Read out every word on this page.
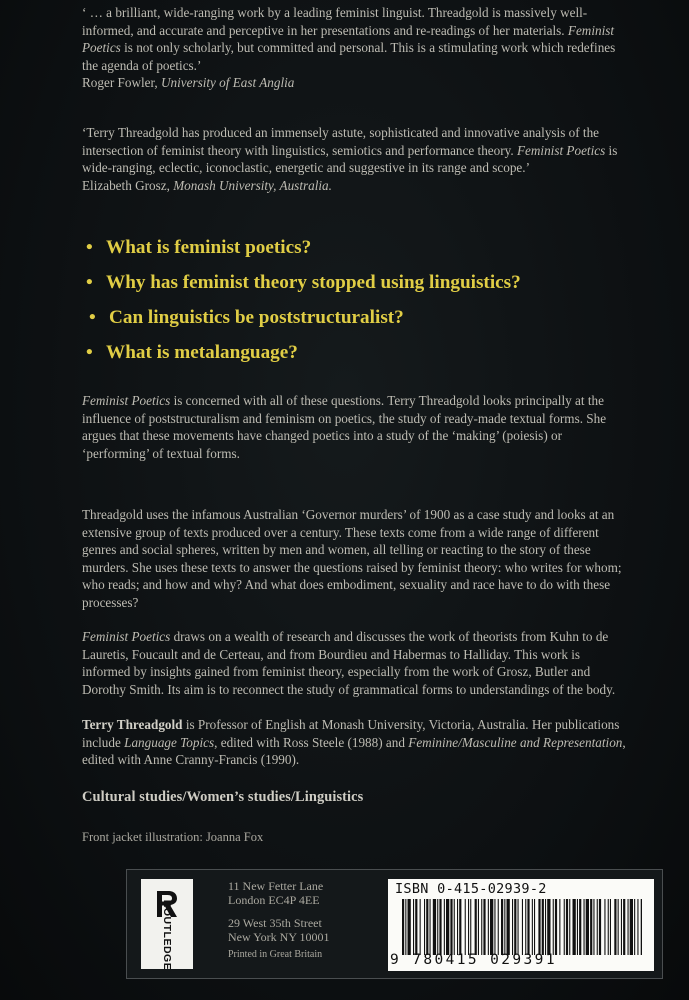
‘ … a brilliant, wide-ranging work by a leading feminist linguist. Threadgold is massively well-informed, and accurate and perceptive in her presentations and re-readings of her materials. Feminist Poetics is not only scholarly, but committed and personal. This is a stimulating work which redefines the agenda of poetics.’

Roger Fowler, University of East Anglia

‘Terry Threadgold has produced an immensely astute, sophisticated and innovative analysis of the intersection of feminist theory with linguistics, semiotics and performance theory. Feminist Poetics is wide-ranging, eclectic, iconoclastic, energetic and suggestive in its range and scope.’

Elizabeth Grosz, Monash University, Australia.

• What is feminist poetics?
• Why has feminist theory stopped using linguistics?
• Can linguistics be poststructuralist?
• What is metalanguage?

Feminist Poetics is concerned with all of these questions. Terry Threadgold looks principally at the influence of poststructuralism and feminism on poetics, the study of ready-made textual forms. She argues that these movements have changed poetics into a study of the ‘making’ (poiesis) or ‘performing’ of textual forms.

Threadgold uses the infamous Australian ‘Governor murders’ of 1900 as a case study and looks at an extensive group of texts produced over a century. These texts come from a wide range of different genres and social spheres, written by men and women, all telling or reacting to the story of these murders. She uses these texts to answer the questions raised by feminist theory: who writes for whom; who reads; and how and why? And what does embodiment, sexuality and race have to do with these processes?

Feminist Poetics draws on a wealth of research and discusses the work of theorists from Kuhn to de Lauretis, Foucault and de Certeau, and from Bourdieu and Habermas to Halliday. This work is informed by insights gained from feminist theory, especially from the work of Grosz, Butler and Dorothy Smith. Its aim is to reconnect the study of grammatical forms to understandings of the body.

Terry Threadgold is Professor of English at Monash University, Victoria, Australia. Her publications include Language Topics, edited with Ross Steele (1988) and Feminine/Masculine and Representation, edited with Anne Cranny-Francis (1990).

Cultural studies/Women’s studies/Linguistics
Front jacket illustration: Joanna Fox
ROUTLEDGE
11 New Fetter Lane
London EC4P 4EE
29 West 35th Street
New York NY 10001
Printed in Great Britain
ISBN 0-415-02939-2
9 780415 029391
